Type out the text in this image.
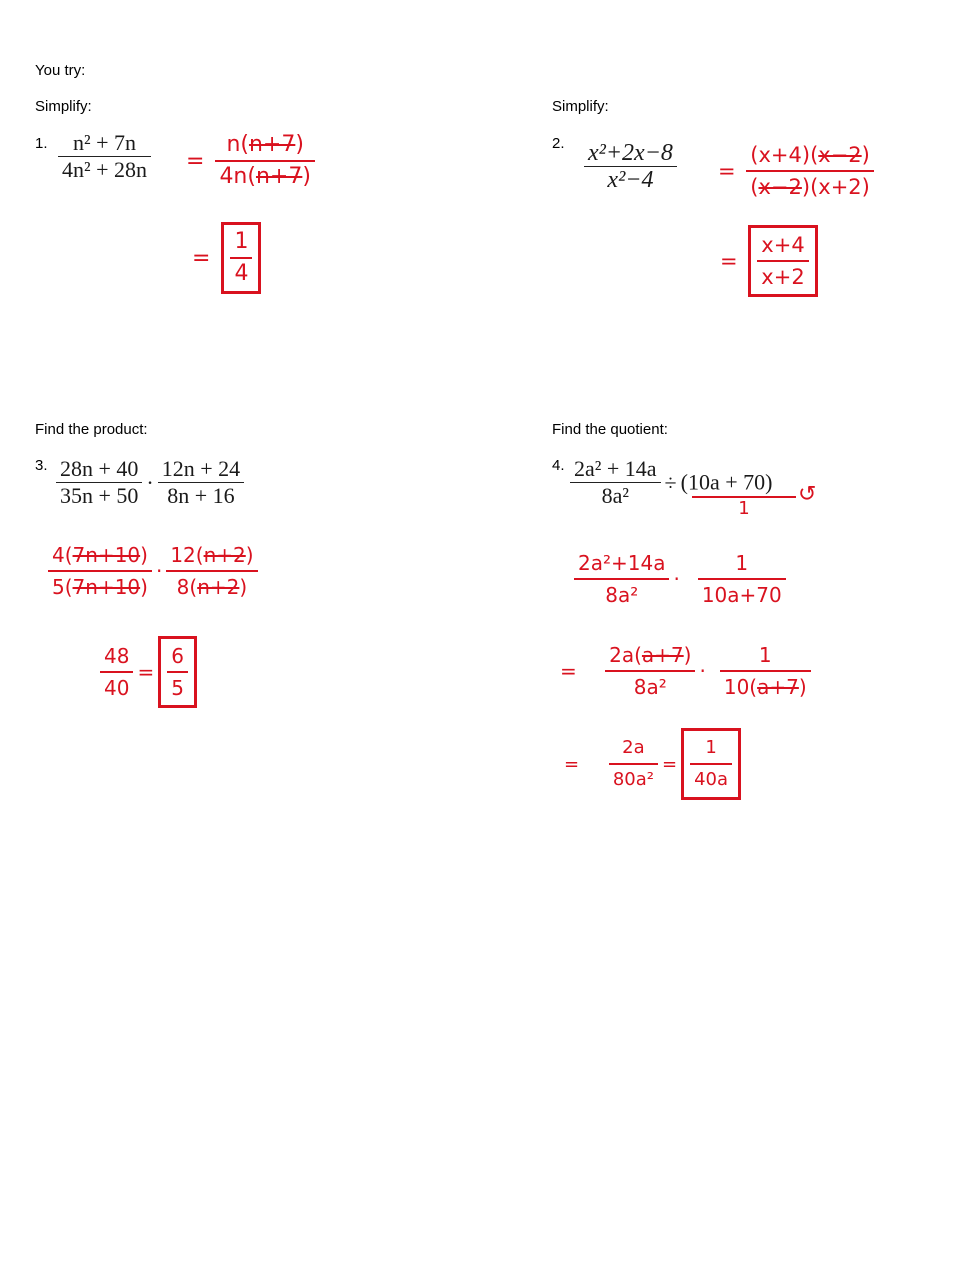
You try:
Simplify:
1.
Simplify:
2.
Find the product:
3.
Find the quotient:
4.
$\frac{\text{n² + 7n}}{\text{4n² + 28n}} = \frac{n(n+7)}{4n(n+7)}$
= $\frac{1}{4}$
$\frac{\text{x²+2x−8}}{\text{x²−4}} = \frac{(x+4)(x-2)}{(x-2)(x+2)}$
= $\frac{x+4}{x+2}$
$\frac{28n + 40}{35n + 50} \cdot \frac{12n + 24}{8n + 16}$
$\frac{4(7n+10)}{5(7n+10)} \cdot \frac{12(n+2)}{8(n+2)}$
$\frac{48}{40} = \frac{6}{5}$
$\frac{\text{2a² + 14a}}{\text{8a²}} \div (10a + 70)$
1
↺
$\frac{\text{2a²+14a}}{\text{8a²}} \cdot \frac{1}{10a+70}$
= $\frac{2a(a+7)}{\text{8a²}} \cdot \frac{1}{10(a+7)}$
= $\frac{2a}{\text{80a²}} = \frac{1}{40a}$
